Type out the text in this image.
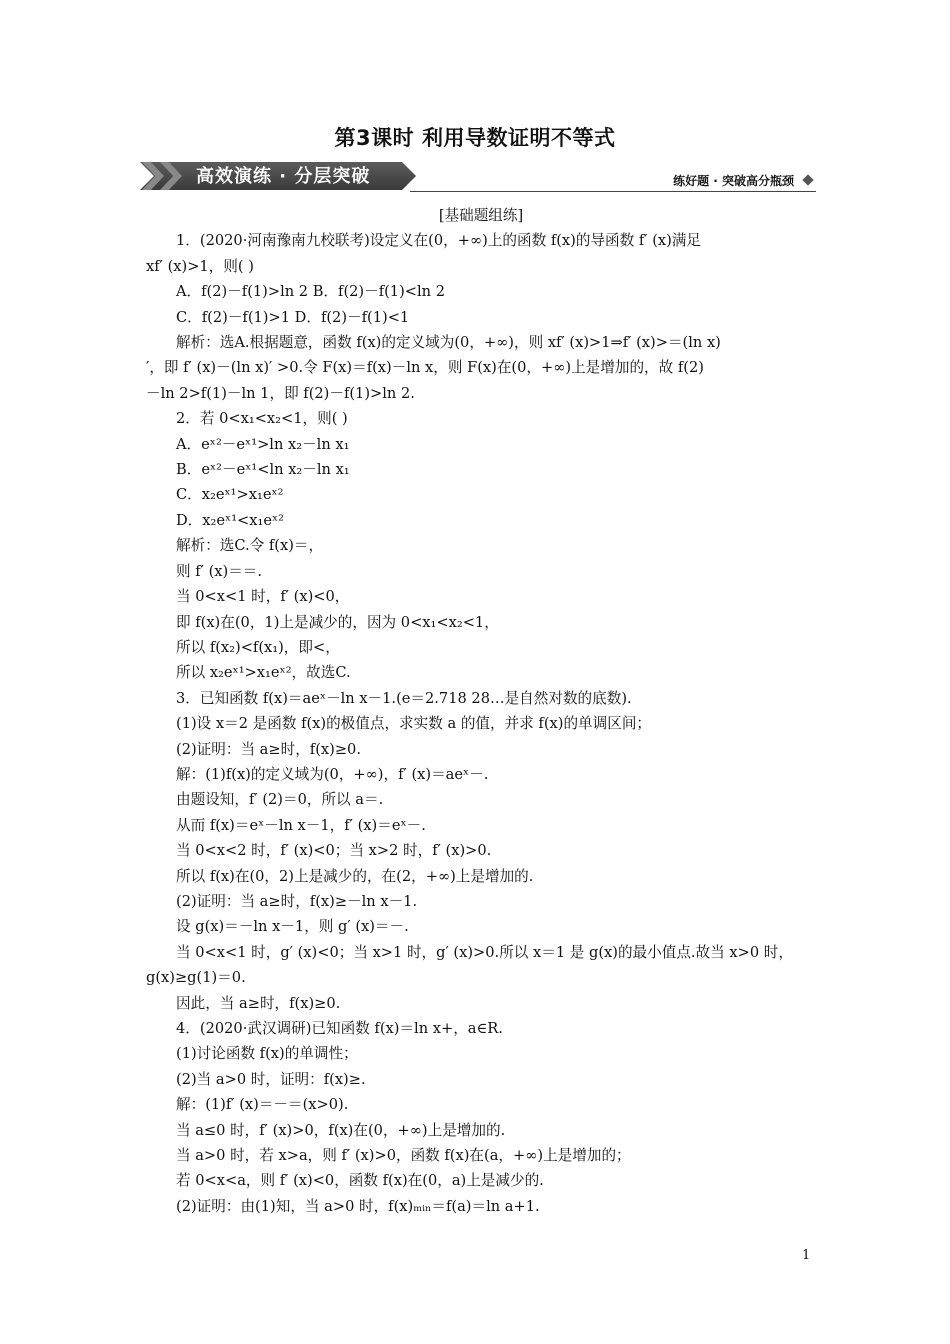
第3课时 利用导数证明不等式
高效演练 · 分层突破	练好题 · 突破高分瓶颈
[基础题组练]
1．(2020·河南豫南九校联考)设定义在(0，+∞)上的函数 f(x)的导函数 f′ (x)满足
xf′ (x)>1，则( )
A．f(2)－f(1)>ln 2 B．f(2)－f(1)<ln 2
C．f(2)－f(1)>1 D．f(2)－f(1)<1
解析：选A.根据题意，函数 f(x)的定义域为(0，+∞)，则 xf′ (x)>1⇒f′ (x)>＝(ln x)
′，即 f′ (x)－(ln x)′ >0.令 F(x)＝f(x)－ln x，则 F(x)在(0，+∞)上是增加的，故 f(2)
－ln 2>f(1)－ln 1，即 f(2)－f(1)>ln 2.
2．若 0<x₁<x₂<1，则( )
A．eˣ²－eˣ¹>ln x₂－ln x₁
B．eˣ²－eˣ¹<ln x₂－ln x₁
C．x₂eˣ¹>x₁eˣ²
D．x₂eˣ¹<x₁eˣ²
解析：选C.令 f(x)＝，
则 f′ (x)＝＝.
当 0<x<1 时，f′ (x)<0，
即 f(x)在(0，1)上是减少的，因为 0<x₁<x₂<1，
所以 f(x₂)<f(x₁)，即<，
所以 x₂eˣ¹>x₁eˣ²，故选C.
3．已知函数 f(x)＝aeˣ－ln x－1.(e＝2.718 28…是自然对数的底数).
(1)设 x＝2 是函数 f(x)的极值点，求实数 a 的值，并求 f(x)的单调区间；
(2)证明：当 a≥时，f(x)≥0.
解：(1)f(x)的定义域为(0，+∞)，f′ (x)＝aeˣ－.
由题设知，f′ (2)＝0，所以 a＝.
从而 f(x)＝eˣ－ln x－1，f′ (x)＝eˣ－.
当 0<x<2 时，f′ (x)<0；当 x>2 时，f′ (x)>0.
所以 f(x)在(0，2)上是减少的，在(2，+∞)上是增加的.
(2)证明：当 a≥时，f(x)≥－ln x－1.
设 g(x)＝－ln x－1，则 g′ (x)＝－.
当 0<x<1 时，g′ (x)<0；当 x>1 时，g′ (x)>0.所以 x＝1 是 g(x)的最小值点.故当 x>0 时，
g(x)≥g(1)＝0.
因此，当 a≥时，f(x)≥0.
4．(2020·武汉调研)已知函数 f(x)＝ln x+，a∈R.
(1)讨论函数 f(x)的单调性；
(2)当 a>0 时，证明：f(x)≥.
解：(1)f′ (x)＝－＝(x>0).
当 a≤0 时，f′ (x)>0，f(x)在(0，+∞)上是增加的.
当 a>0 时，若 x>a，则 f′ (x)>0，函数 f(x)在(a，+∞)上是增加的；
若 0<x<a，则 f′ (x)<0，函数 f(x)在(0，a)上是减少的.
(2)证明：由(1)知，当 a>0 时，f(x)ₘᵢₙ＝f(a)＝ln a+1.
1
